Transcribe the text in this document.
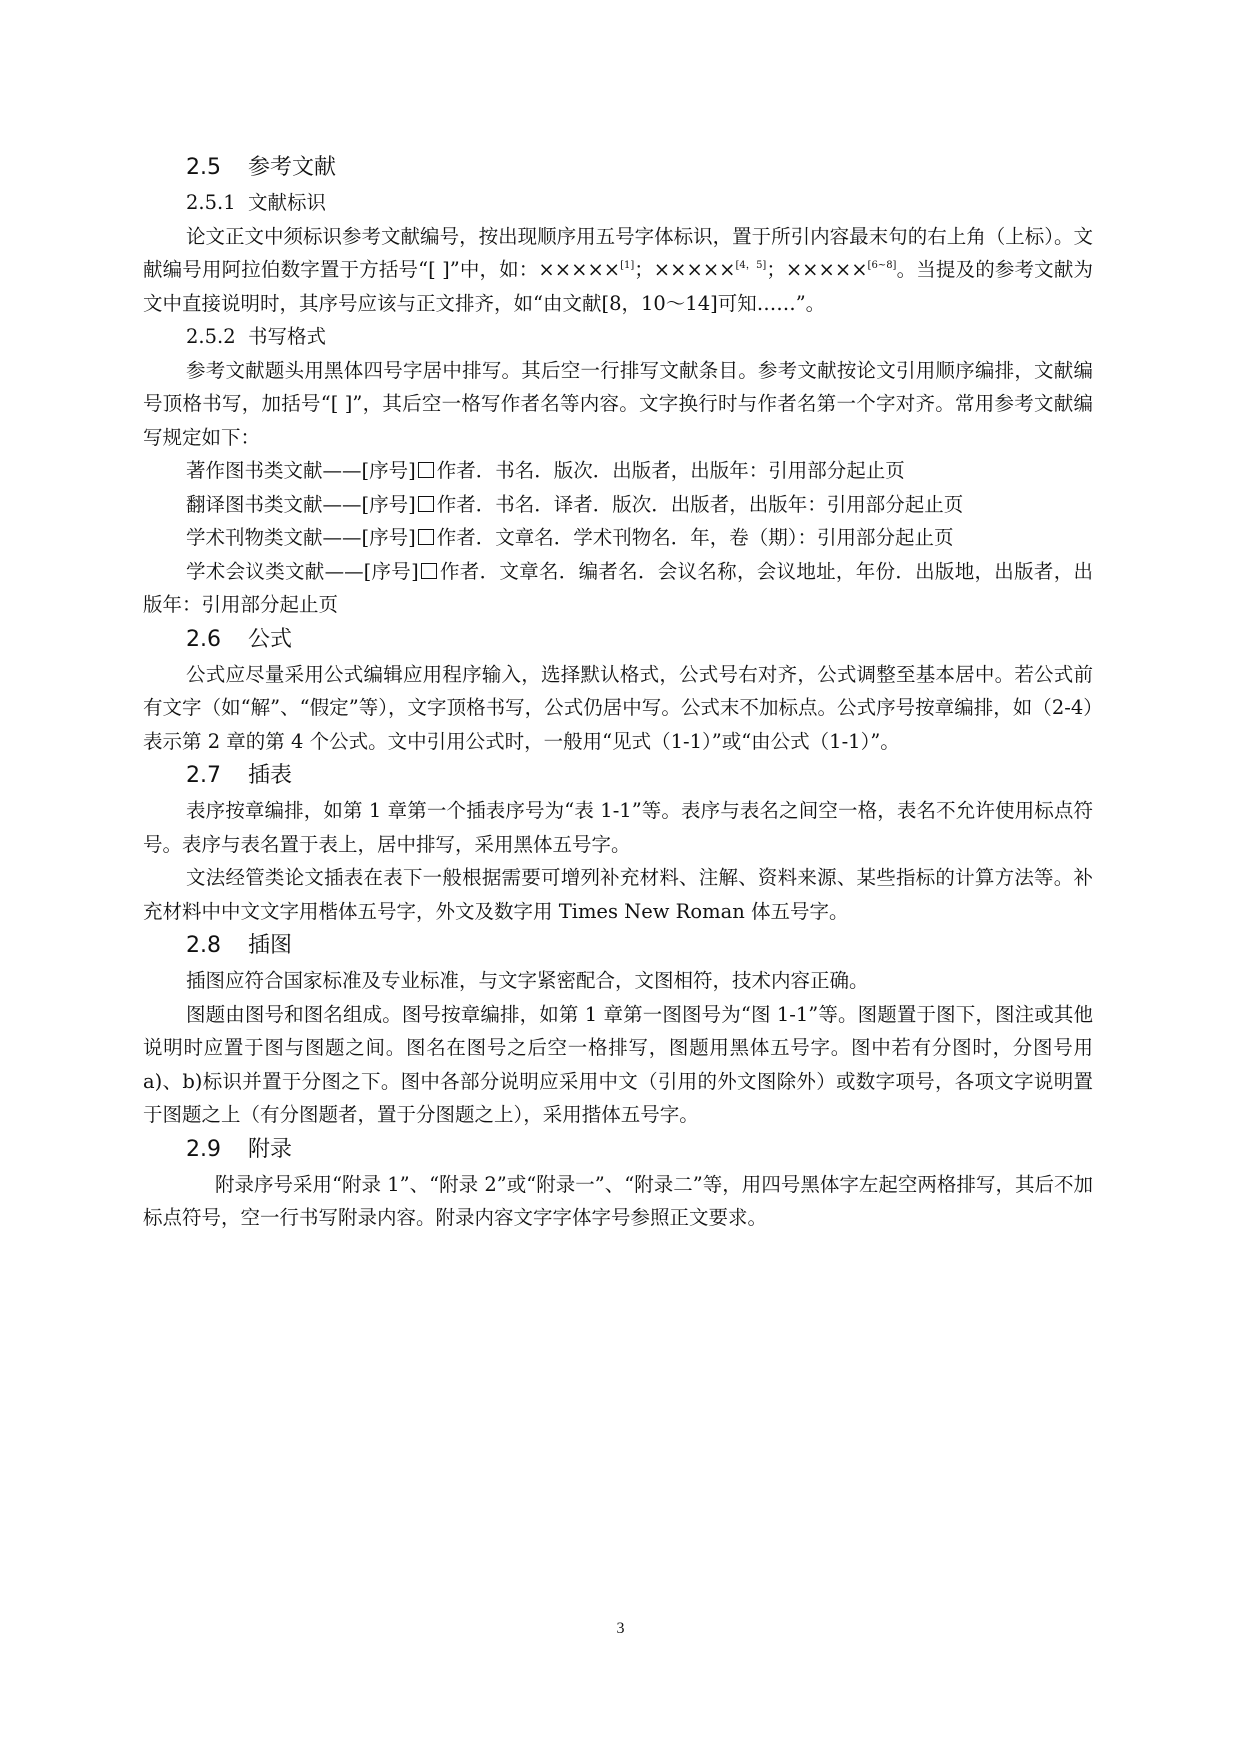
2.5 参考文献
2.5.1 文献标识

论文正文中须标识参考文献编号，按出现顺序用五号字体标识，置于所引内容最末句的右上角（上标）。文献编号用阿拉伯数字置于方括号“[ ]”中，如：×××××[1]；×××××[4，5]；×××××[6~8]。当提及的参考文献为文中直接说明时，其序号应该与正文排齐，如“由文献[8，10～14]可知……”。

2.5.2 书写格式

参考文献题头用黑体四号字居中排写。其后空一行排写文献条目。参考文献按论文引用顺序编排，文献编号顶格书写，加括号“[ ]”，其后空一格写作者名等内容。文字换行时与作者名第一个字对齐。常用参考文献编写规定如下：

著作图书类文献——[序号] 作者．书名．版次．出版者，出版年：引用部分起止页

翻译图书类文献——[序号] 作者．书名．译者．版次．出版者，出版年：引用部分起止页

学术刊物类文献——[序号] 作者．文章名．学术刊物名．年，卷（期）：引用部分起止页

学术会议类文献——[序号] 作者．文章名．编者名．会议名称，会议地址，年份．出版地，出版者，出版年：引用部分起止页

2.6 公式

公式应尽量采用公式编辑应用程序输入，选择默认格式，公式号右对齐，公式调整至基本居中。若公式前有文字（如“解”、“假定”等），文字顶格书写，公式仍居中写。公式末不加标点。公式序号按章编排，如（2-4）表示第 2 章的第 4 个公式。文中引用公式时，一般用“见式（1-1）”或“由公式（1-1）”。

2.7 插表

表序按章编排，如第 1 章第一个插表序号为“表 1-1”等。表序与表名之间空一格，表名不允许使用标点符号。表序与表名置于表上，居中排写，采用黑体五号字。

文法经管类论文插表在表下一般根据需要可增列补充材料、注解、资料来源、某些指标的计算方法等。补充材料中中文文字用楷体五号字，外文及数字用 Times New Roman 体五号字。

2.8 插图

插图应符合国家标准及专业标准，与文字紧密配合，文图相符，技术内容正确。

图题由图号和图名组成。图号按章编排，如第 1 章第一图图号为“图 1-1”等。图题置于图下，图注或其他说明时应置于图与图题之间。图名在图号之后空一格排写，图题用黑体五号字。图中若有分图时，分图号用 a)、b)标识并置于分图之下。图中各部分说明应采用中文（引用的外文图除外）或数字项号，各项文字说明置于图题之上（有分图题者，置于分图题之上），采用揩体五号字。

2.9 附录

附录序号采用“附录 1”、“附录 2”或“附录一”、“附录二”等，用四号黑体字左起空两格排写，其后不加标点符号，空一行书写附录内容。附录内容文字字体字号参照正文要求。

3
